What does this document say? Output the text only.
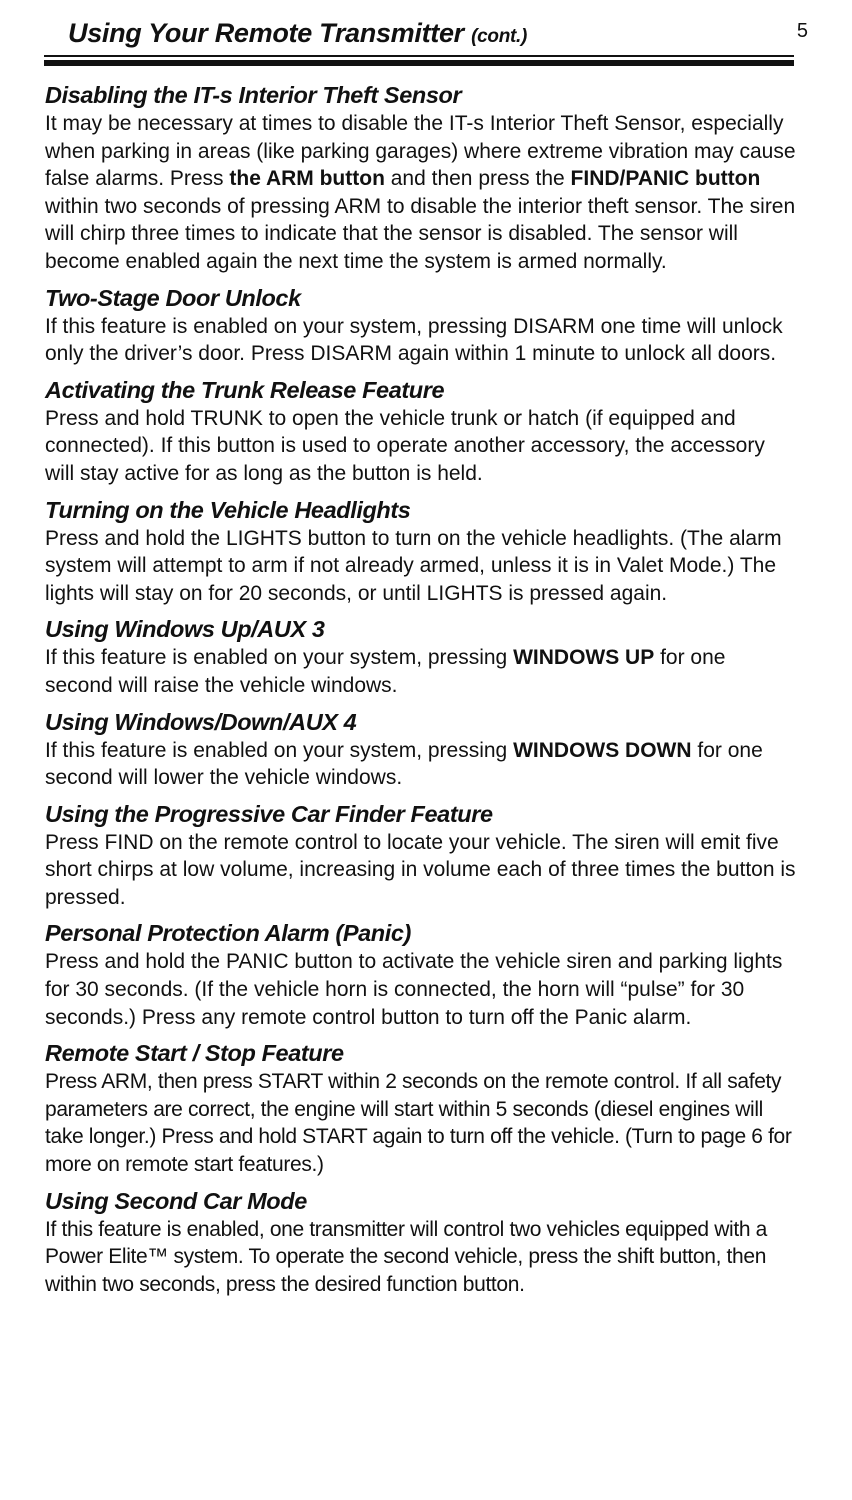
Using Your Remote Transmitter (cont.)	5
Disabling the IT-s Interior Theft Sensor

It may be necessary at times to disable the IT-s Interior Theft Sensor, especially when parking in areas (like parking garages) where extreme vibration may cause false alarms. Press the ARM button and then press the FIND/PANIC button within two seconds of pressing ARM to disable the interior theft sensor. The siren will chirp three times to indicate that the sensor is disabled. The sensor will become enabled again the next time the system is armed normally.

Two-Stage Door Unlock

If this feature is enabled on your system, pressing DISARM one time will unlock only the driver’s door. Press DISARM again within 1 minute to unlock all doors.

Activating the Trunk Release Feature

Press and hold TRUNK to open the vehicle trunk or hatch (if equipped and connected). If this button is used to operate another accessory, the accessory will stay active for as long as the button is held.

Turning on the Vehicle Headlights

Press and hold the LIGHTS button to turn on the vehicle headlights. (The alarm system will attempt to arm if not already armed, unless it is in Valet Mode.) The lights will stay on for 20 seconds, or until LIGHTS is pressed again.

Using Windows Up/AUX 3

If this feature is enabled on your system, pressing WINDOWS UP for one second will raise the vehicle windows.

Using Windows/Down/AUX 4

If this feature is enabled on your system, pressing WINDOWS DOWN for one second will lower the vehicle windows.

Using the Progressive Car Finder Feature

Press FIND on the remote control to locate your vehicle. The siren will emit five short chirps at low volume, increasing in volume each of three times the button is pressed.

Personal Protection Alarm (Panic)

Press and hold the PANIC button to activate the vehicle siren and parking lights for 30 seconds. (If the vehicle horn is connected, the horn will “pulse” for 30 seconds.) Press any remote control button to turn off the Panic alarm.

Remote Start / Stop Feature

Press ARM, then press START within 2 seconds on the remote control. If all safety parameters are correct, the engine will start within 5 seconds (diesel engines will take longer.) Press and hold START again to turn off the vehicle. (Turn to page 6 for more on remote start features.)

Using Second Car Mode

If this feature is enabled, one transmitter will control two vehicles equipped with a Power Elite™ system. To operate the second vehicle, press the shift button, then within two seconds, press the desired function button.
